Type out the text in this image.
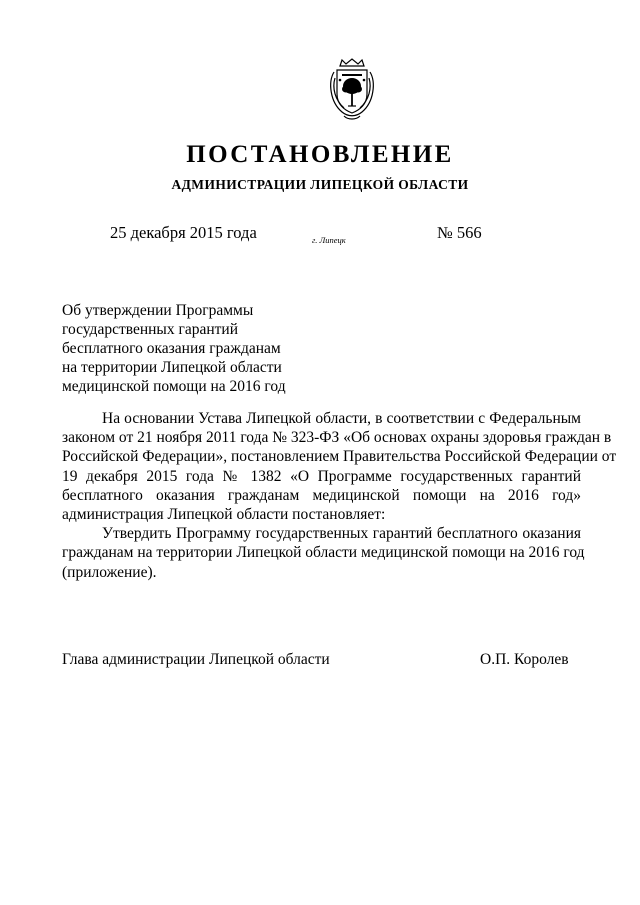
ПОСТАНОВЛЕНИЕ
АДМИНИСТРАЦИИ ЛИПЕЦКОЙ ОБЛАСТИ
25 декабря 2015 года	г. Липецк	№ 566
Об утверждении Программы
государственных гарантий
бесплатного оказания гражданам
на территории Липецкой области
медицинской помощи на 2016 год
На основании Устава Липецкой области, в соответствии с Федеральным
законом от 21 ноября 2011 года № 323-ФЗ «Об основах охраны здоровья граждан в
Российской Федерации», постановлением Правительства Российской Федерации от
19 декабря 2015 года № 1382 «О Программе государственных гарантий
бесплатного оказания гражданам медицинской помощи на 2016 год»
администрация Липецкой области постановляет:
Утвердить Программу государственных гарантий бесплатного оказания
гражданам на территории Липецкой области медицинской помощи на 2016 год
(приложение).
Глава администрации Липецкой области	О.П. Королев
